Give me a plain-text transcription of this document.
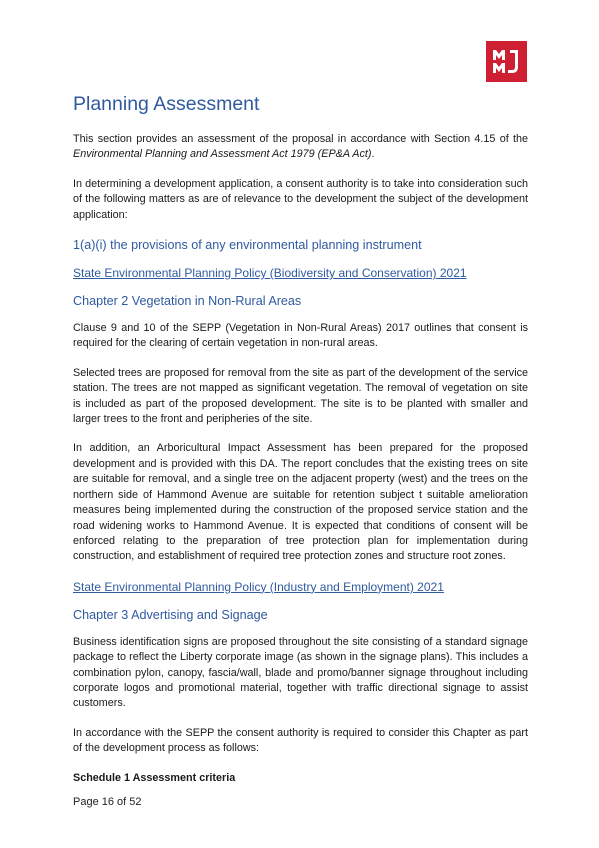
Planning Assessment

This section provides an assessment of the proposal in accordance with Section 4.15 of the Environmental Planning and Assessment Act 1979 (EP&A Act).

In determining a development application, a consent authority is to take into consideration such of the following matters as are of relevance to the development the subject of the development application:

1(a)(i) the provisions of any environmental planning instrument
State Environmental Planning Policy (Biodiversity and Conservation) 2021
Chapter 2 Vegetation in Non-Rural Areas

Clause 9 and 10 of the SEPP (Vegetation in Non-Rural Areas) 2017 outlines that consent is required for the clearing of certain vegetation in non-rural areas.

Selected trees are proposed for removal from the site as part of the development of the service station. The trees are not mapped as significant vegetation. The removal of vegetation on site is included as part of the proposed development. The site is to be planted with smaller and larger trees to the front and peripheries of the site.

In addition, an Arboricultural Impact Assessment has been prepared for the proposed development and is provided with this DA. The report concludes that the existing trees on site are suitable for removal, and a single tree on the adjacent property (west) and the trees on the northern side of Hammond Avenue are suitable for retention subject t suitable amelioration measures being implemented during the construction of the proposed service station and the road widening works to Hammond Avenue. It is expected that conditions of consent will be enforced relating to the preparation of tree protection plan for implementation during construction, and establishment of required tree protection zones and structure root zones.

State Environmental Planning Policy (Industry and Employment) 2021
Chapter 3 Advertising and Signage

Business identification signs are proposed throughout the site consisting of a standard signage package to reflect the Liberty corporate image (as shown in the signage plans). This includes a combination pylon, canopy, fascia/wall, blade and promo/banner signage throughout including corporate logos and promotional material, together with traffic directional signage to assist customers.

In accordance with the SEPP the consent authority is required to consider this Chapter as part of the development process as follows:

Schedule 1 Assessment criteria
Page 16 of 52
